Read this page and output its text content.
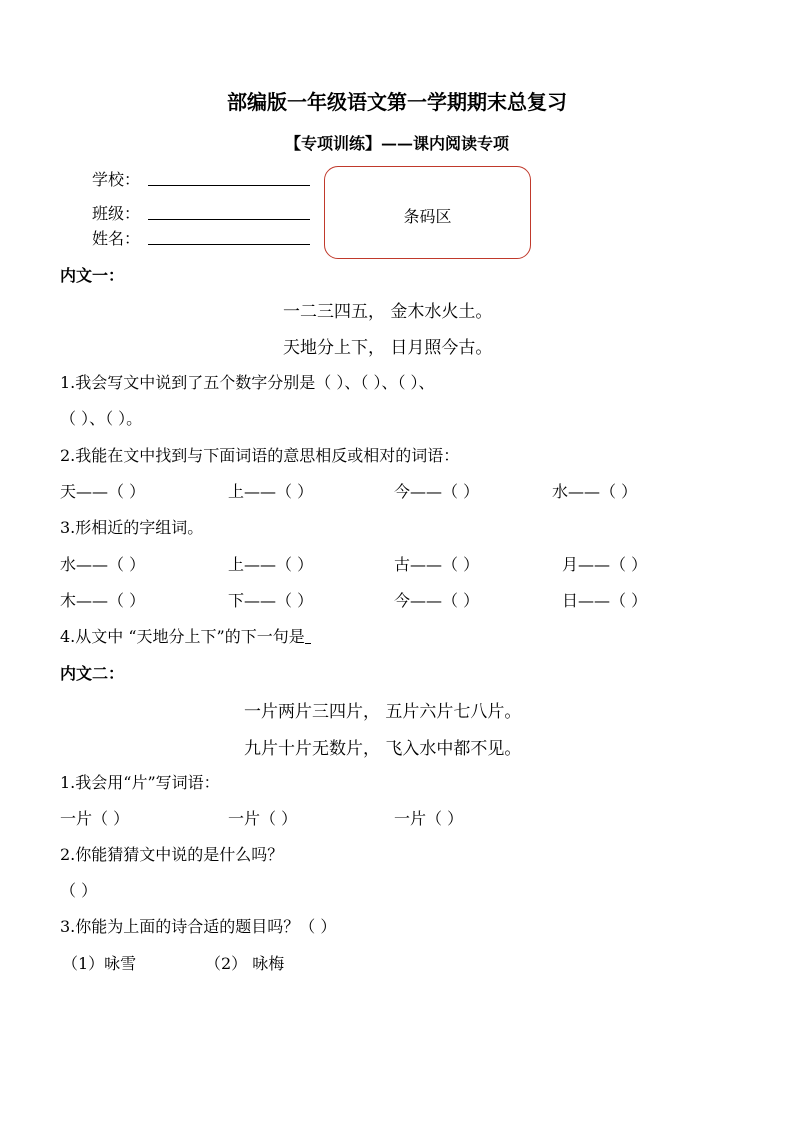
部编版一年级语文第一学期期末总复习
【专项训练】——课内阅读专项
学校：
班级：
姓名：
条码区
内文一：
一二三四五， 金木水火土。
天地分上下， 日月照今古。
1.我会写文中说到了五个数字分别是（ ）、（ ）、（ ）、
（ ）、（ ）。
2.我能在文中找到与下面词语的意思相反或相对的词语：
天——（ ）	上——（ ）	今——（ ）	水——（ ）
3.形相近的字组词。
水——（ ）	上——（ ）	古——（ ）	月——（ ）
木——（ ）	下——（ ）	今——（ ）	日——（ ）
4.从文中 “天地分上下”的下一句是
内文二：
一片两片三四片， 五片六片七八片。
九片十片无数片， 飞入水中都不见。
1.我会用“片”写词语：
一片（ ）	一片（ ）	一片（ ）
2.你能猜猜文中说的是什么吗？
（ ）
3.你能为上面的诗合适的题目吗？（ ）
（1）咏雪	（2） 咏梅
